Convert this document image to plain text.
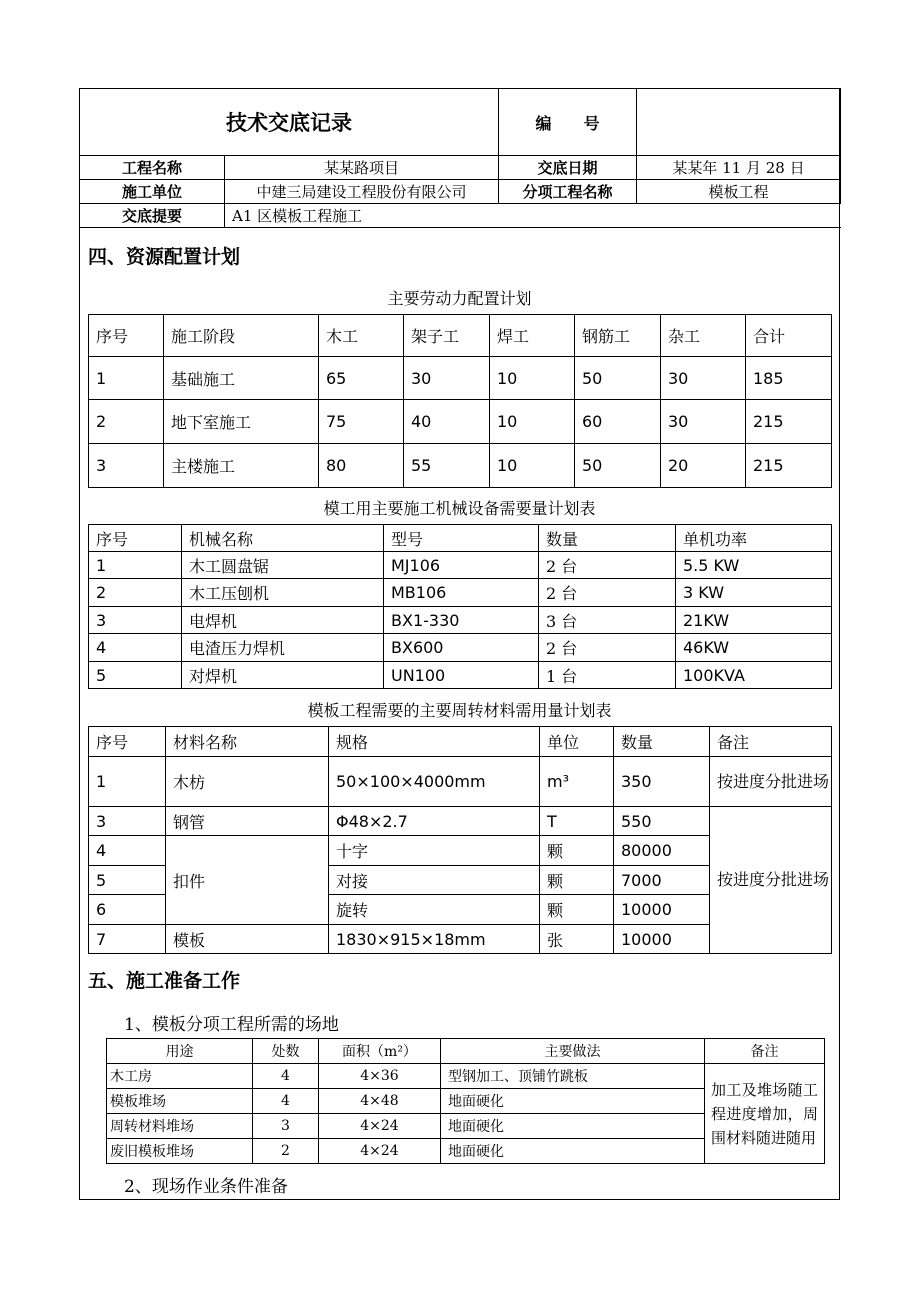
技术交底记录		编　　号	
工程名称	某某路项目	交底日期	某某年 11 月 28 日
施工单位	中建三局建设工程股份有限公司	分项工程名称	模板工程
交底提要	A1 区模板工程施工		
四、资源配置计划
主要劳动力配置计划
序号	施工阶段	木工	架子工	焊工	钢筋工	杂工	合计
1	基础施工	65	30	10	50	30	185
2	地下室施工	75	40	10	60	30	215
3	主楼施工	80	55	10	50	20	215
模工用主要施工机械设备需要量计划表
序号	机械名称	型号	数量	单机功率
1	木工圆盘锯	MJ106	2 台	5.5 KW
2	木工压刨机	MB106	2 台	3 KW
3	电焊机	BX1-330	3 台	21KW
4	电渣压力焊机	BX600	2 台	46KW
5	对焊机	UN100	1 台	100KVA
模板工程需要的主要周转材料需用量计划表
序号	材料名称	规格	单位	数量	备注
1	木枋	50×100×4000mm	m³	350	按进度分批进场
3	钢管	Φ48×2.7	T	550	按进度分批进场
4	扣件	十字	颗	80000	
5		对接	颗	7000	
6		旋转	颗	10000	
7	模板	1830×915×18mm	张	10000	
五、施工准备工作
1、模板分项工程所需的场地
用途	处数	面积（m²）	主要做法	备注
木工房	4	4×36	型钢加工、顶铺竹跳板	加工及堆场随工程进度增加，周围材料随进随用
模板堆场	4	4×48	地面硬化	
周转材料堆场	3	4×24	地面硬化	
废旧模板堆场	2	4×24	地面硬化	
2、现场作业条件准备
